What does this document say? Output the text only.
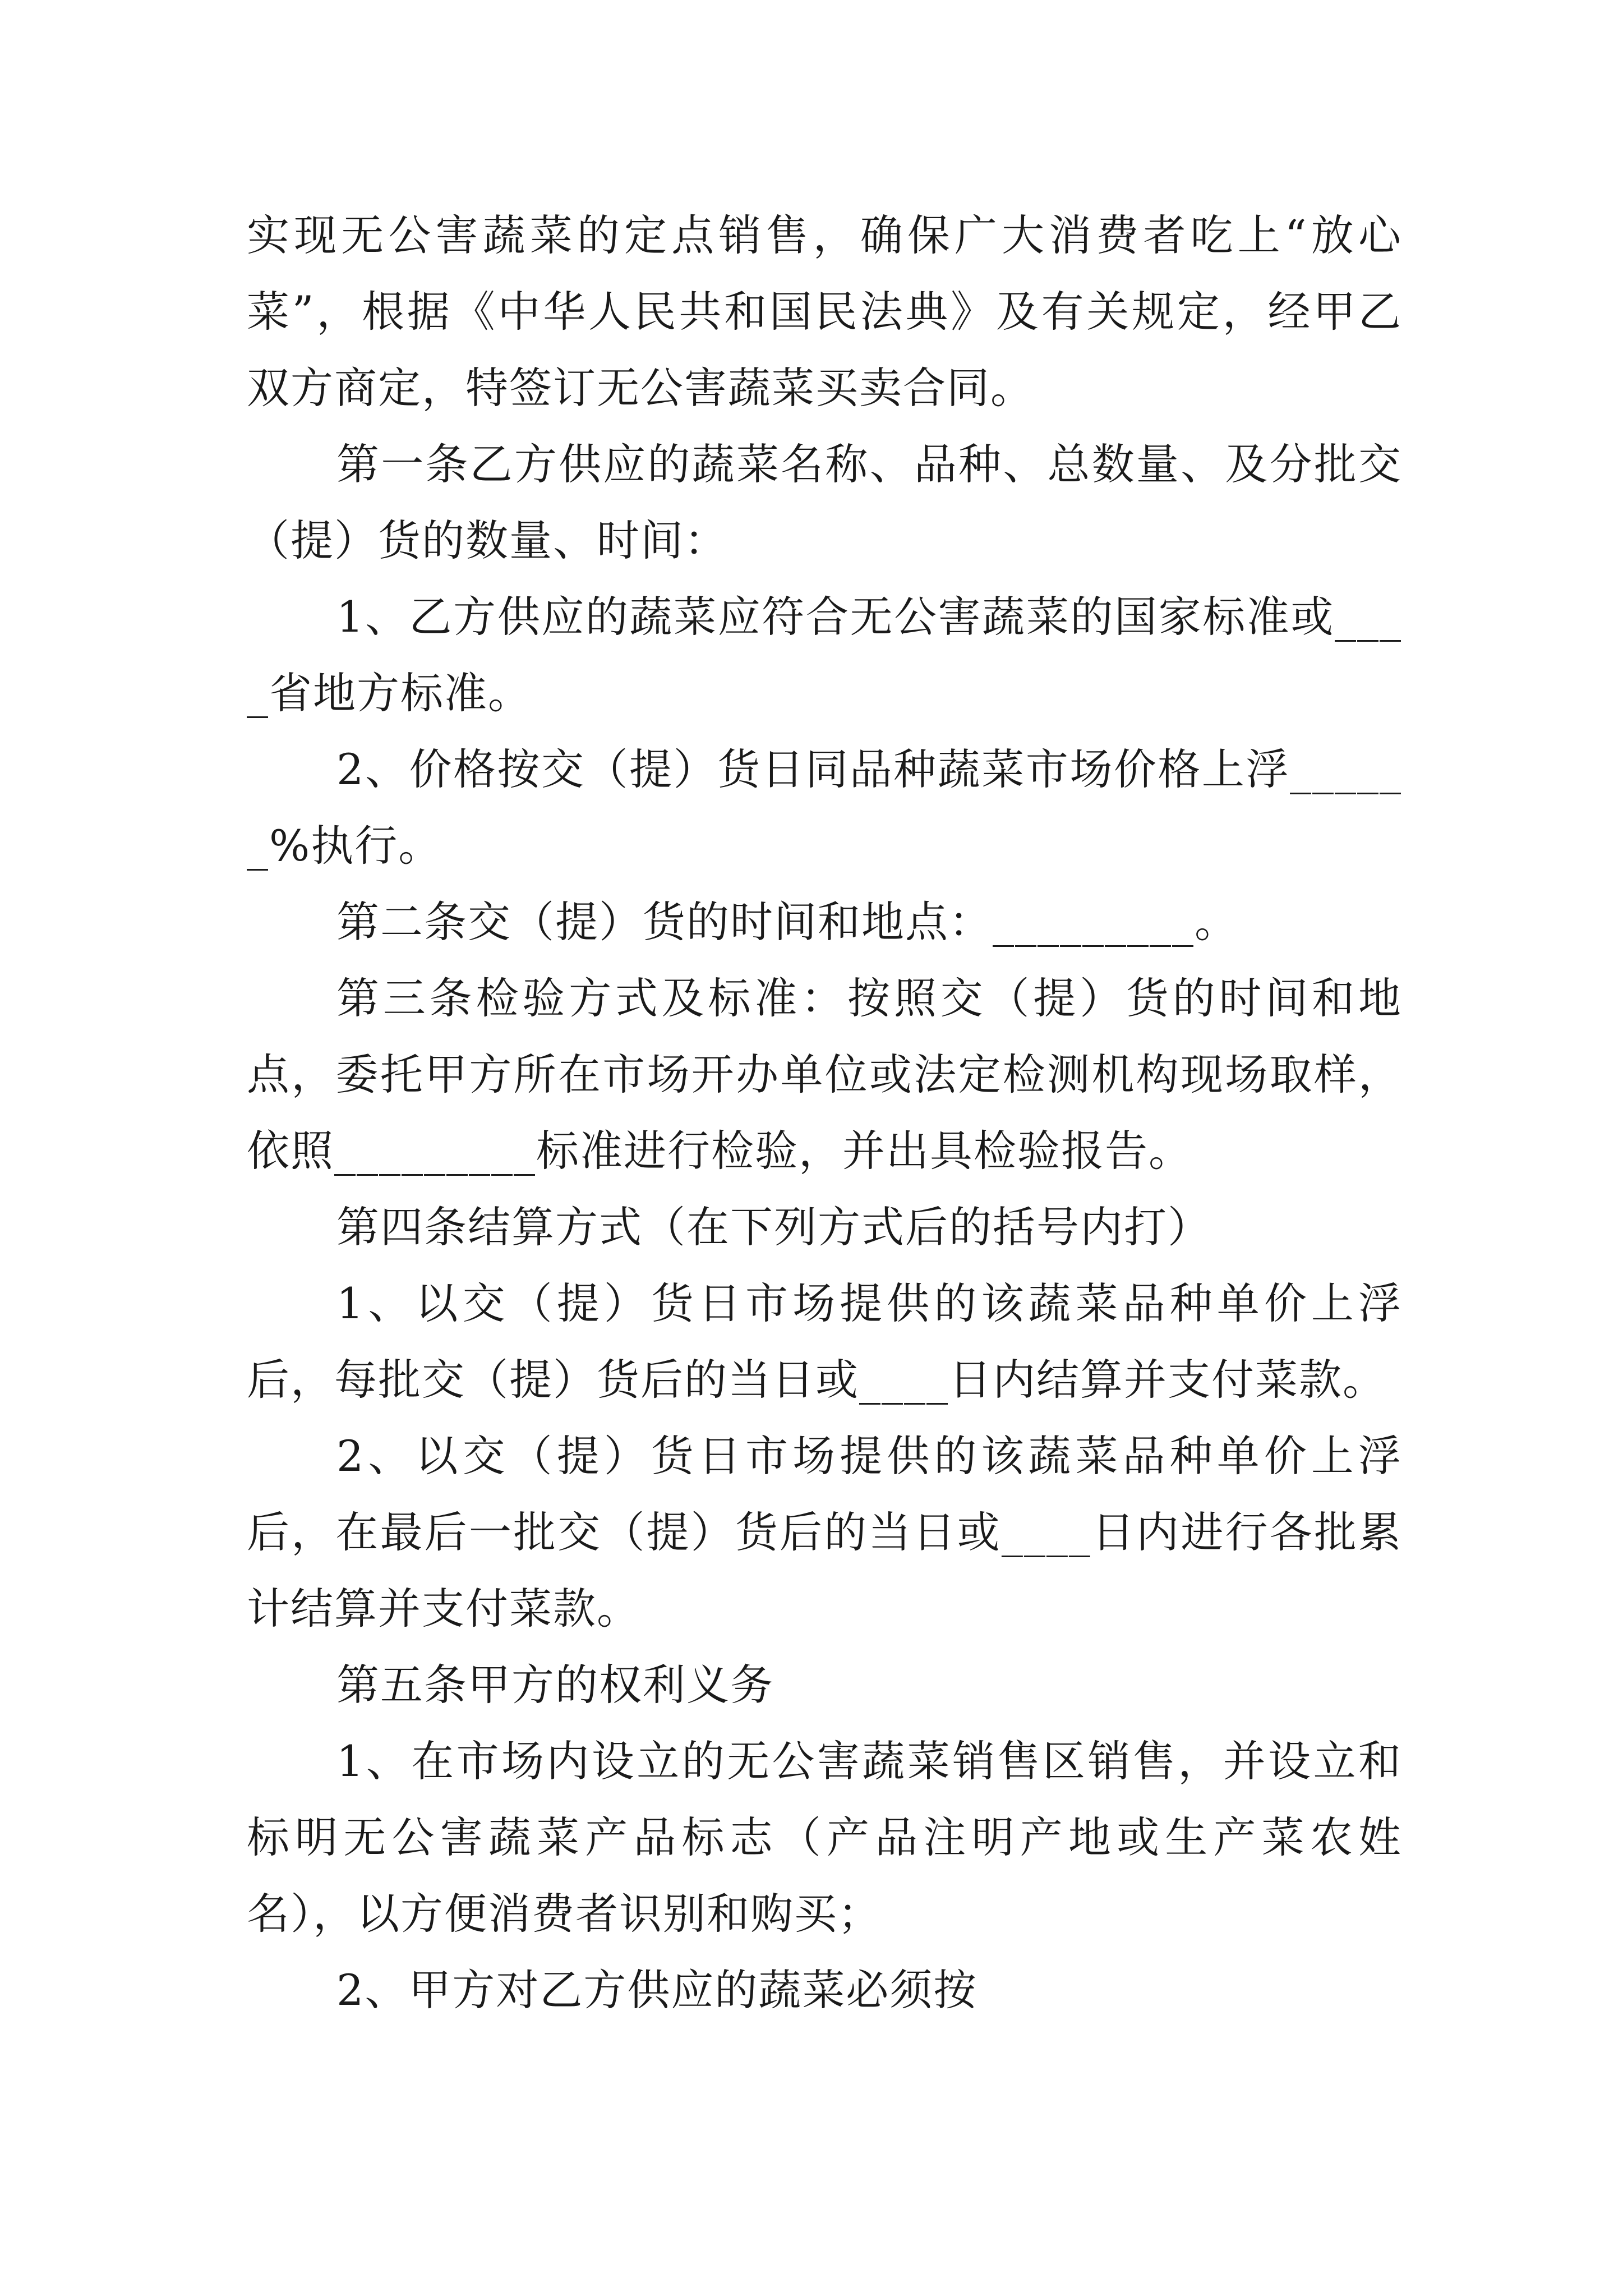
实现无公害蔬菜的定点销售，确保广大消费者吃上“放心菜”，根据《中华人民共和国民法典》及有关规定，经甲乙双方商定，特签订无公害蔬菜买卖合同。

第一条乙方供应的蔬菜名称、品种、总数量、及分批交（提）货的数量、时间：

1、乙方供应的蔬菜应符合无公害蔬菜的国家标准或____省地方标准。

2、价格按交（提）货日同品种蔬菜市场价格上浮______%执行。

第二条交（提）货的时间和地点：_________。

第三条检验方式及标准：按照交（提）货的时间和地点，委托甲方所在市场开办单位或法定检测机构现场取样，依照_________标准进行检验，并出具检验报告。

第四条结算方式（在下列方式后的括号内打）

1、以交（提）货日市场提供的该蔬菜品种单价上浮后，每批交（提）货后的当日或____日内结算并支付菜款。

2、以交（提）货日市场提供的该蔬菜品种单价上浮后，在最后一批交（提）货后的当日或____日内进行各批累计结算并支付菜款。

第五条甲方的权利义务

1、在市场内设立的无公害蔬菜销售区销售，并设立和标明无公害蔬菜产品标志（产品注明产地或生产菜农姓名），以方便消费者识别和购买；

2、甲方对乙方供应的蔬菜必须按
